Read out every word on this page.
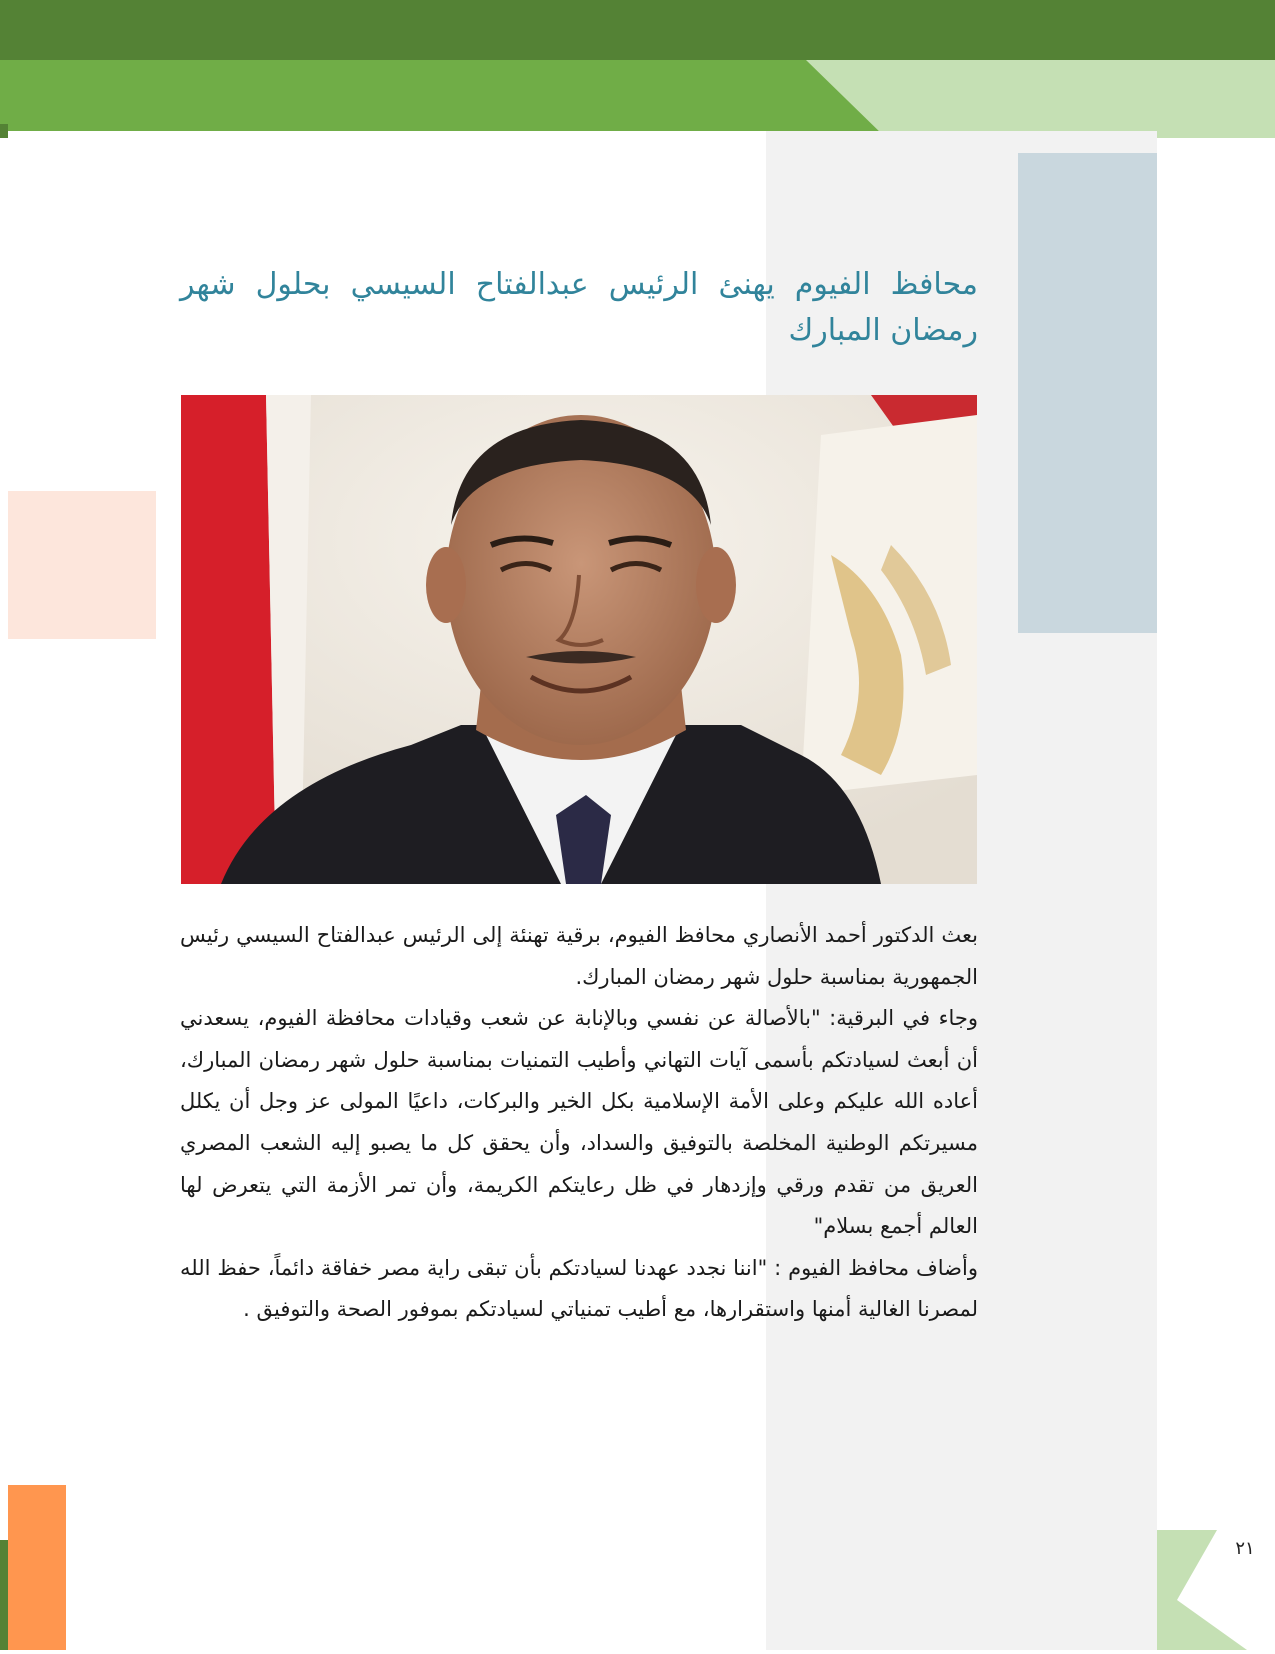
محافظ الفيوم يهنئ الرئيس عبدالفتاح السيسي بحلول شهر رمضان المبارك

بعث الدكتور أحمد الأنصاري محافظ الفيوم، برقية تهنئة إلى الرئيس عبدالفتاح السيسي رئيس الجمهورية بمناسبة حلول شهر رمضان المبارك.

وجاء في البرقية: "بالأصالة عن نفسي وبالإنابة عن شعب وقيادات محافظة الفيوم، يسعدني أن أبعث لسيادتكم بأسمى آيات التهاني وأطيب التمنيات بمناسبة حلول شهر رمضان المبارك، أعاده الله عليكم وعلى الأمة الإسلامية بكل الخير والبركات، داعيًا المولى عز وجل أن يكلل مسيرتكم الوطنية المخلصة بالتوفيق والسداد، وأن يحقق كل ما يصبو إليه الشعب المصري العريق من تقدم ورقي وإزدهار في ظل رعايتكم الكريمة، وأن تمر الأزمة التي يتعرض لها العالم أجمع بسلام"

وأضاف محافظ الفيوم : "اننا نجدد عهدنا لسيادتكم بأن تبقى راية مصر خفاقة دائماً، حفظ الله لمصرنا الغالية أمنها واستقرارها، مع أطيب تمنياتي لسيادتكم بموفور الصحة والتوفيق .

٢١
